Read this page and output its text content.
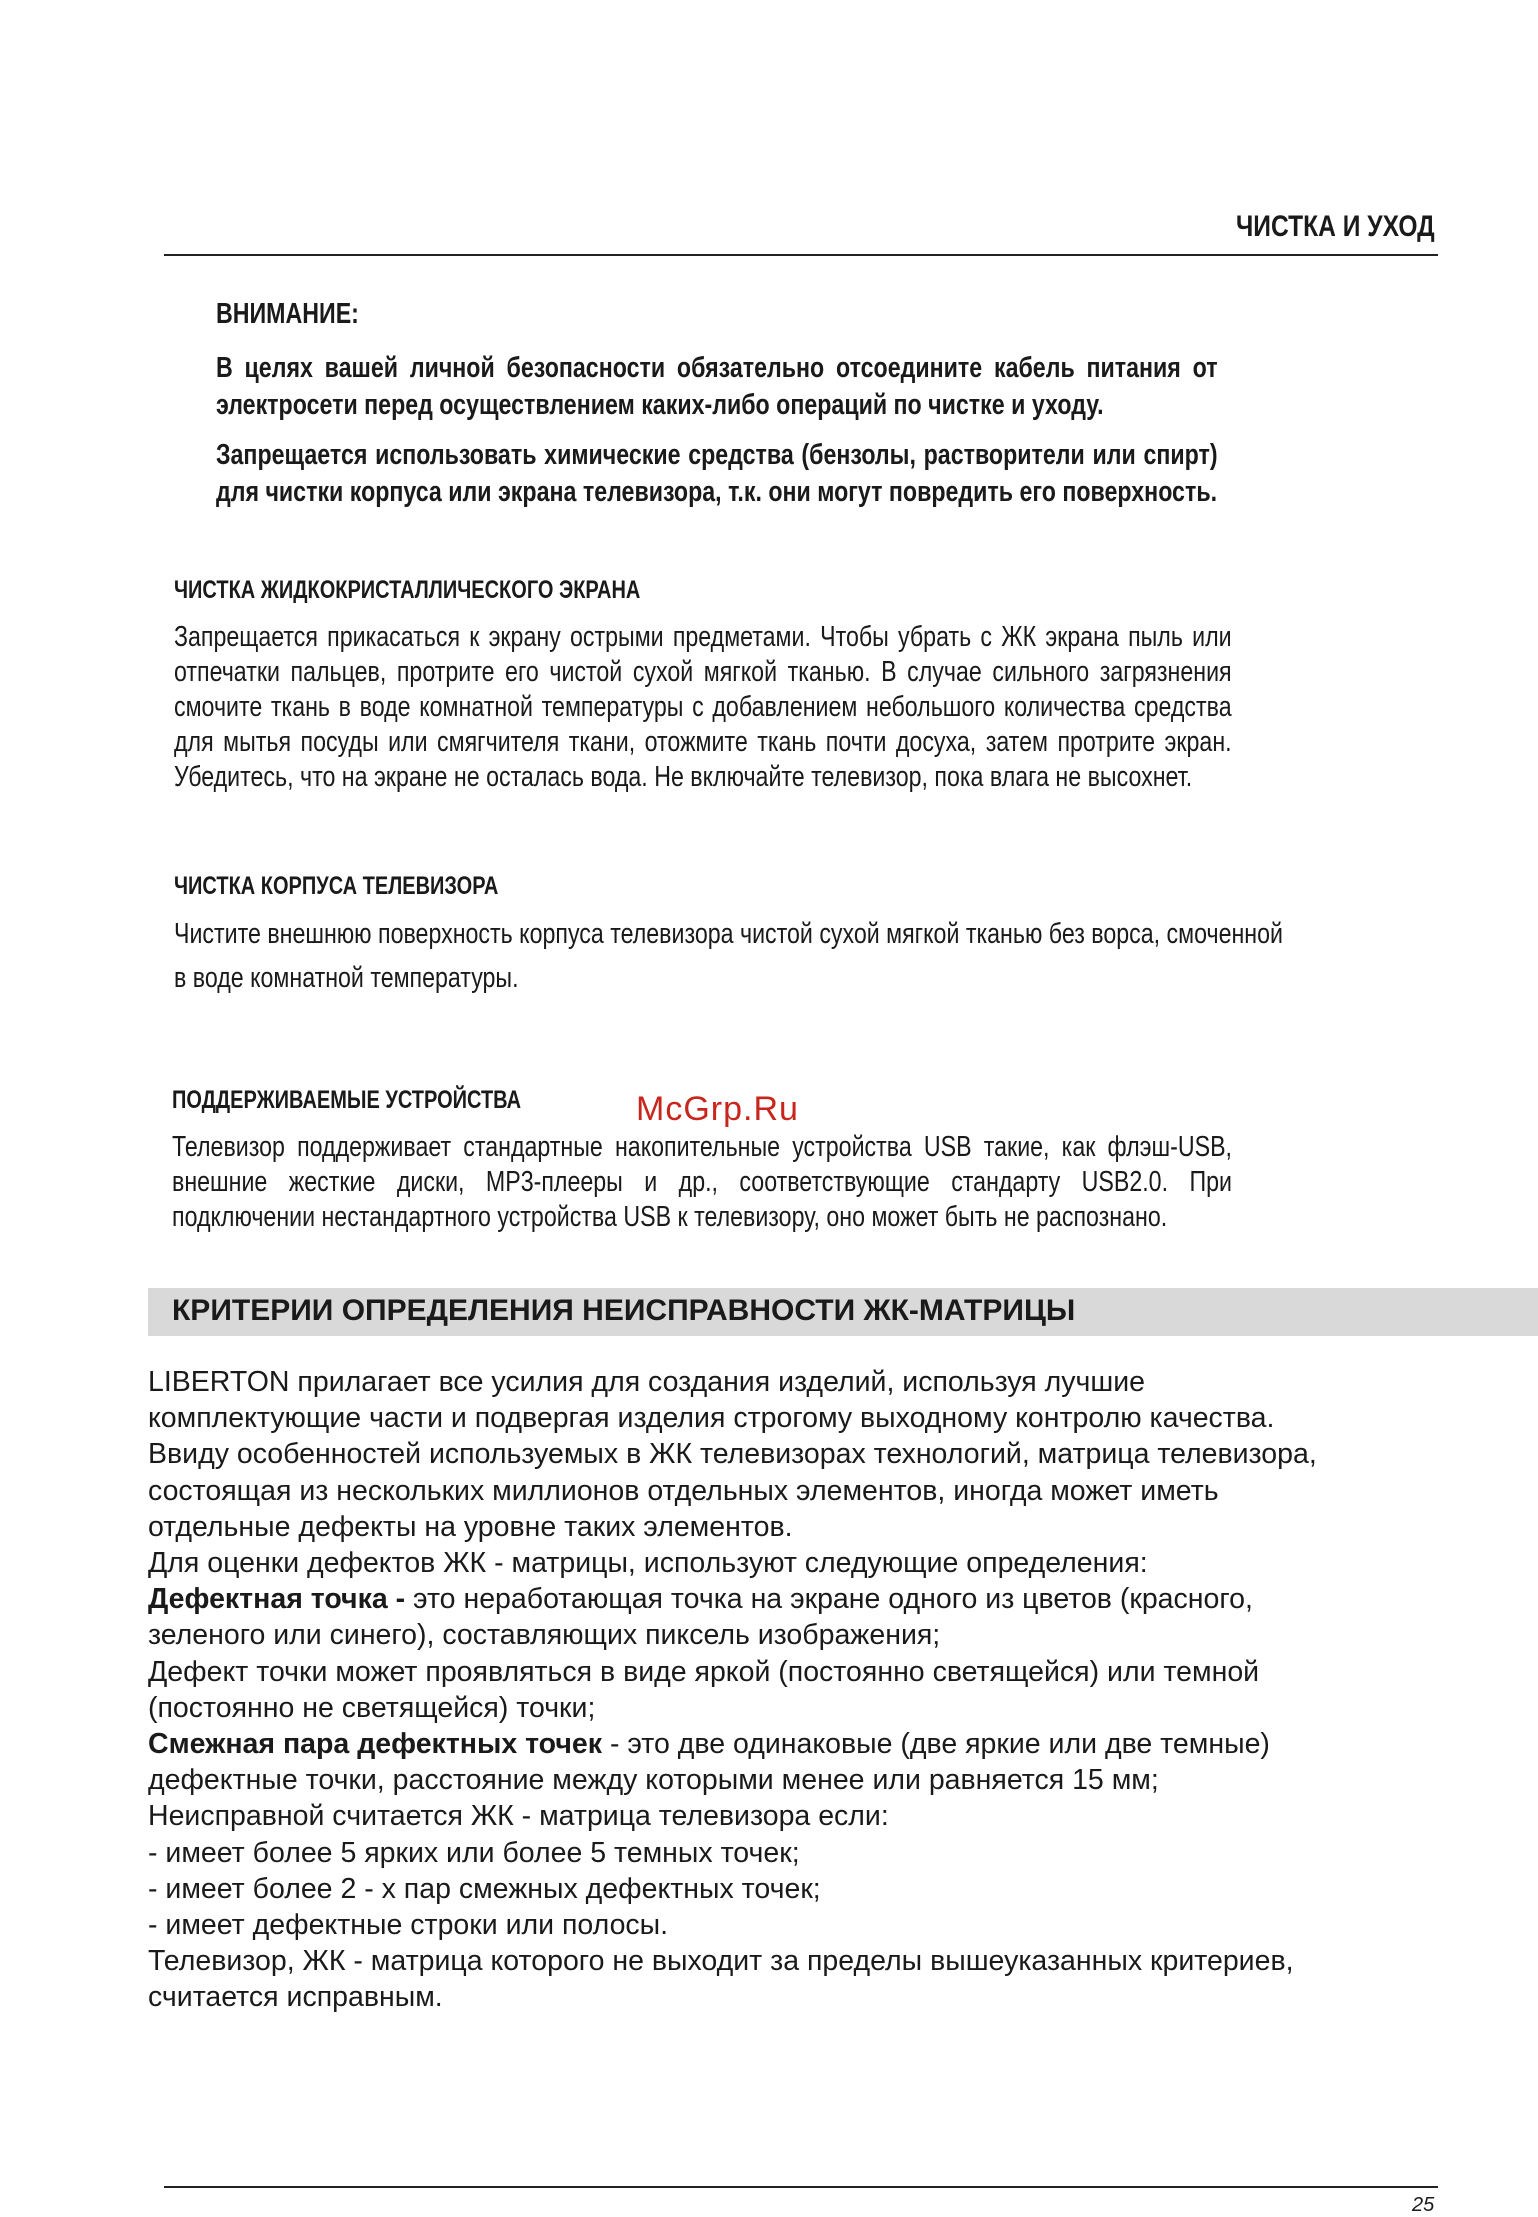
ЧИСТКА И УХОД
ВНИМАНИЕ:
В целях вашей личной безопасности обязательно отсоедините кабель питания от электросети перед осуществлением каких-либо операций по чистке и уходу.
Запрещается использовать химические средства (бензолы, растворители или спирт) для чистки корпуса или экрана телевизора, т.к. они могут повредить его поверхность.
ЧИСТКА ЖИДКОКРИСТАЛЛИЧЕСКОГО ЭКРАНА
Запрещается прикасаться к экрану острыми предметами. Чтобы убрать с ЖК экрана пыль или отпечатки пальцев, протрите его чистой сухой мягкой тканью. В случае сильного загрязнения смочите ткань в воде комнатной температуры с добавлением небольшого количества средства для мытья посуды или смягчителя ткани, отожмите ткань почти досуха, затем протрите экран. Убедитесь, что на экране не осталась вода. Не включайте телевизор, пока влага не высохнет.
ЧИСТКА КОРПУСА ТЕЛЕВИЗОРА
Чистите внешнюю поверхность корпуса телевизора чистой сухой мягкой тканью без ворса, смоченной
в воде комнатной температуры.
ПОДДЕРЖИВАЕМЫЕ УСТРОЙСТВА	McGrp.Ru
Телевизор поддерживает стандартные накопительные устройства USB такие, как флэш-USB, внешние жесткие диски, MP3-плееры и др., соответствующие стандарту USB2.0. При подключении нестандартного устройства USB к телевизору, оно может быть не распознано.
КРИТЕРИИ ОПРЕДЕЛЕНИЯ НЕИСПРАВНОСТИ ЖК-МАТРИЦЫ
LIBERTON прилагает все усилия для создания изделий, используя лучшие
комплектующие части и подвергая изделия строгому выходному контролю качества.
Ввиду особенностей используемых в ЖК телевизорах технологий, матрица телевизора,
состоящая из нескольких миллионов отдельных элементов, иногда может иметь
отдельные дефекты на уровне таких элементов.
Для оценки дефектов ЖК - матрицы, используют следующие определения:
Дефектная точка - это неработающая точка на экране одного из цветов (красного,
зеленого или синего), составляющих пиксель изображения;
Дефект точки может проявляться в виде яркой (постоянно светящейся) или темной
(постоянно не светящейся) точки;
Смежная пара дефектных точек - это две одинаковые (две яркие или две темные)
дефектные точки, расстояние между которыми менее или равняется 15 мм;
Неисправной считается ЖК - матрица телевизора если:
- имеет более 5 ярких или более 5 темных точек;
- имеет более 2 - х пар смежных дефектных точек;
- имеет дефектные строки или полосы.
Телевизор, ЖК - матрица которого не выходит за пределы вышеуказанных критериев,
считается исправным.
25
